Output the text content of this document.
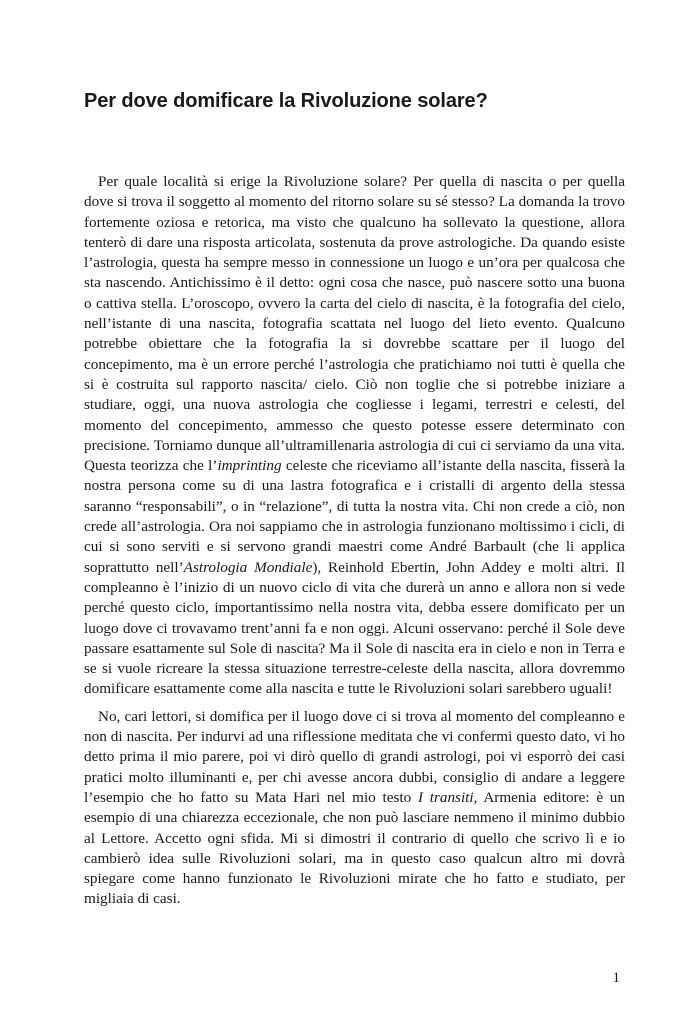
Per dove domificare la Rivoluzione solare?

Per quale località si erige la Rivoluzione solare? Per quella di nascita o per quella dove si trova il soggetto al momento del ritorno solare su sé stesso? La domanda la trovo fortemente oziosa e retorica, ma visto che qualcuno ha sollevato la questione, allora tenterò di dare una risposta articolata, sostenuta da prove astrologiche. Da quando esiste l’astrologia, questa ha sempre messo in connessione un luogo e un’ora per qualcosa che sta nascendo. Antichissimo è il detto: ogni cosa che nasce, può nascere sotto una buona o cattiva stella. L’oroscopo, ovvero la carta del cielo di nascita, è la fotografia del cielo, nell’istante di una nascita, fotografia scattata nel luogo del lieto evento. Qualcuno potrebbe obiettare che la fotografia la si dovrebbe scattare per il luogo del concepimento, ma è un errore perché l’astrologia che pratichiamo noi tutti è quella che si è costruita sul rapporto nascita/ cielo. Ciò non toglie che si potrebbe iniziare a studiare, oggi, una nuova astrologia che cogliesse i legami, terrestri e celesti, del momento del concepimento, ammesso che questo potesse essere determinato con precisione. Torniamo dunque all’ultramillenaria astrologia di cui ci serviamo da una vita. Questa teorizza che l’imprinting celeste che riceviamo all’istante della nascita, fisserà la nostra persona come su di una lastra fotografica e i cristalli di argento della stessa saranno “responsabili”, o in “relazione”, di tutta la nostra vita. Chi non crede a ciò, non crede all’astrologia. Ora noi sappiamo che in astrologia funzionano moltissimo i cicli, di cui si sono serviti e si servono grandi maestri come André Barbault (che li applica soprattutto nell’Astrologia Mondiale), Reinhold Ebertin, John Addey e molti altri. Il compleanno è l’inizio di un nuovo ciclo di vita che durerà un anno e allora non si vede perché questo ciclo, importantissimo nella nostra vita, debba essere domificato per un luogo dove ci trovavamo trent’anni fa e non oggi. Alcuni osservano: perché il Sole deve passare esattamente sul Sole di nascita? Ma il Sole di nascita era in cielo e non in Terra e se si vuole ricreare la stessa situazione terrestre-celeste della nascita, allora dovremmo domificare esattamente come alla nascita e tutte le Rivoluzioni solari sarebbero uguali!

No, cari lettori, si domifica per il luogo dove ci si trova al momento del compleanno e non di nascita. Per indurvi ad una riflessione meditata che vi confermi questo dato, vi ho detto prima il mio parere, poi vi dirò quello di grandi astrologi, poi vi esporrò dei casi pratici molto illuminanti e, per chi avesse ancora dubbi, consiglio di andare a leggere l’esempio che ho fatto su Mata Hari nel mio testo I transiti, Armenia editore: è un esempio di una chiarezza eccezionale, che non può lasciare nemmeno il minimo dubbio al Lettore. Accetto ogni sfida. Mi si dimostri il contrario di quello che scrivo lì e io cambierò idea sulle Rivoluzioni solari, ma in questo caso qualcun altro mi dovrà spiegare come hanno funzionato le Rivoluzioni mirate che ho fatto e studiato, per migliaia di casi.

1
